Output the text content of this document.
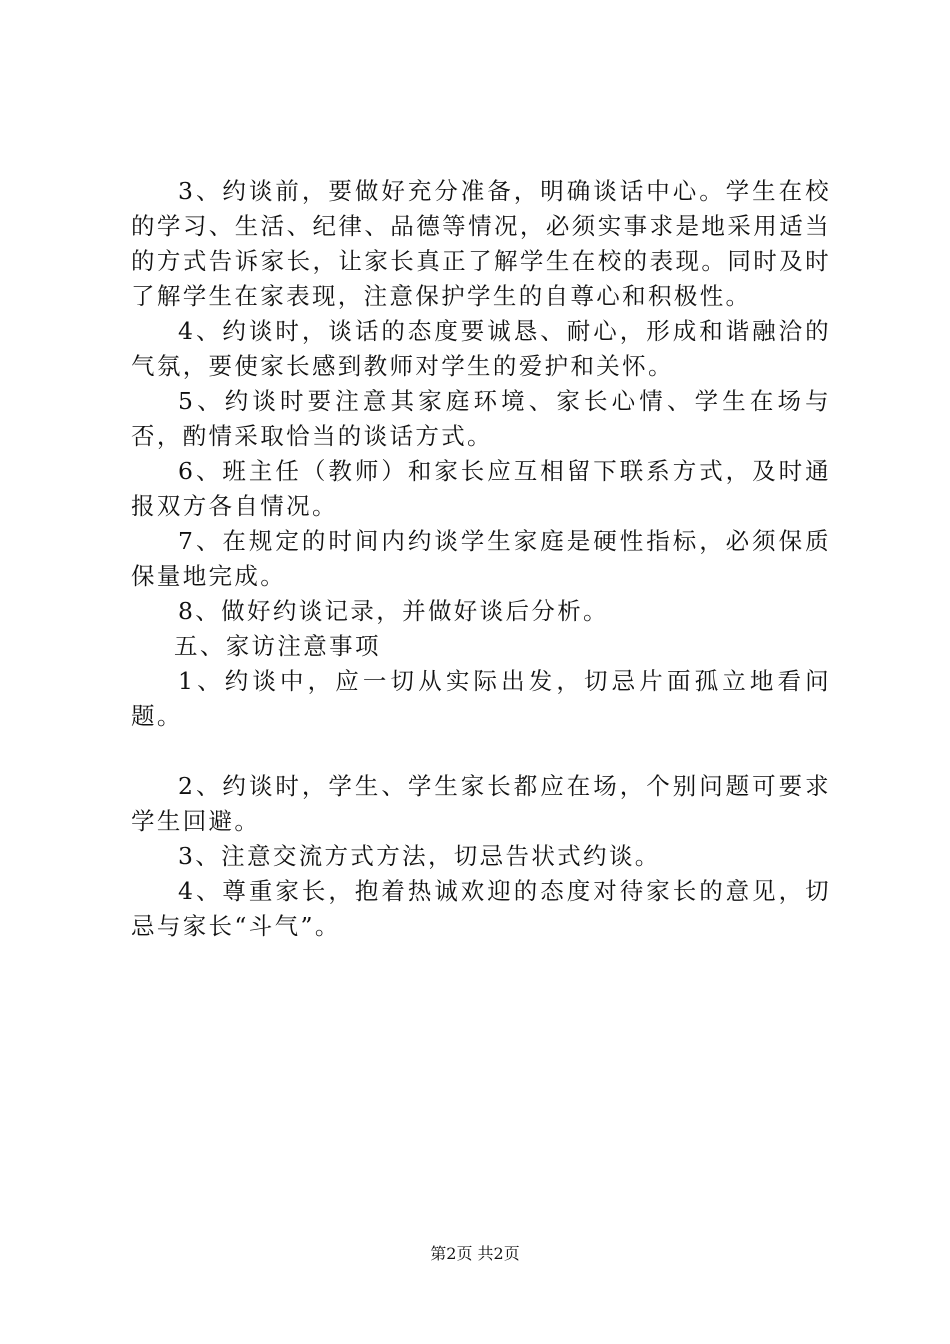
3、约谈前，要做好充分准备，明确谈话中心。学生在校的学习、生活、纪律、品德等情况，必须实事求是地采用适当的方式告诉家长，让家长真正了解学生在校的表现。同时及时了解学生在家表现，注意保护学生的自尊心和积极性。

4、约谈时，谈话的态度要诚恳、耐心，形成和谐融洽的气氛，要使家长感到教师对学生的爱护和关怀。

5、约谈时要注意其家庭环境、家长心情、学生在场与否，酌情采取恰当的谈话方式。

6、班主任（教师）和家长应互相留下联系方式，及时通报双方各自情况。

7、在规定的时间内约谈学生家庭是硬性指标，必须保质保量地完成。

8、做好约谈记录，并做好谈后分析。

五、家访注意事项

1、约谈中，应一切从实际出发，切忌片面孤立地看问题。

2、约谈时，学生、学生家长都应在场，个别问题可要求学生回避。

3、注意交流方式方法，切忌告状式约谈。

4、尊重家长，抱着热诚欢迎的态度对待家长的意见，切忌与家长“斗气”。

第2页 共2页
